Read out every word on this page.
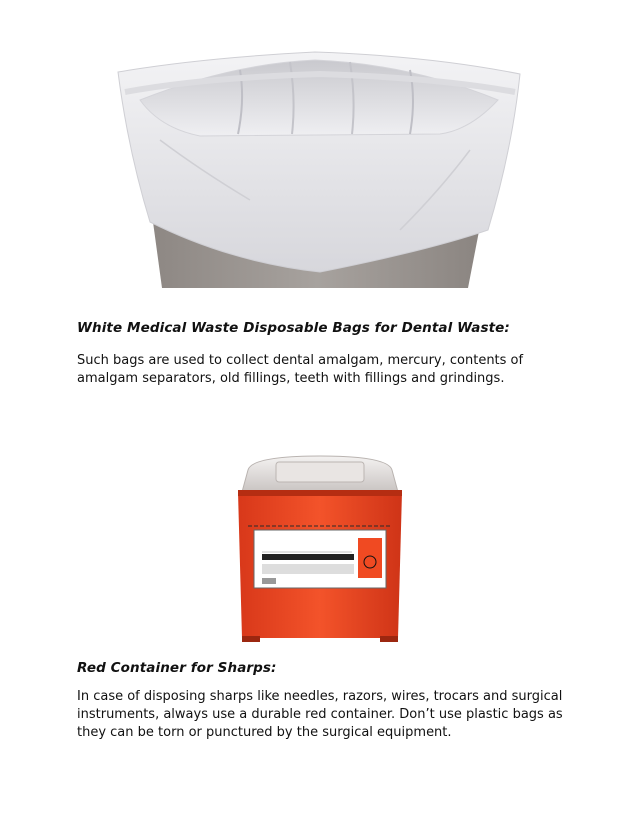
White Medical Waste Disposable Bags for Dental Waste:
Such bags are used to collect dental amalgam, mercury, contents of amalgam separators, old fillings, teeth with fillings and grindings.
Red Container for Sharps:
In case of disposing sharps like needles, razors, wires, trocars and surgical instruments, always use a durable red container. Don’t use plastic bags as they can be torn or punctured by the surgical equipment.
